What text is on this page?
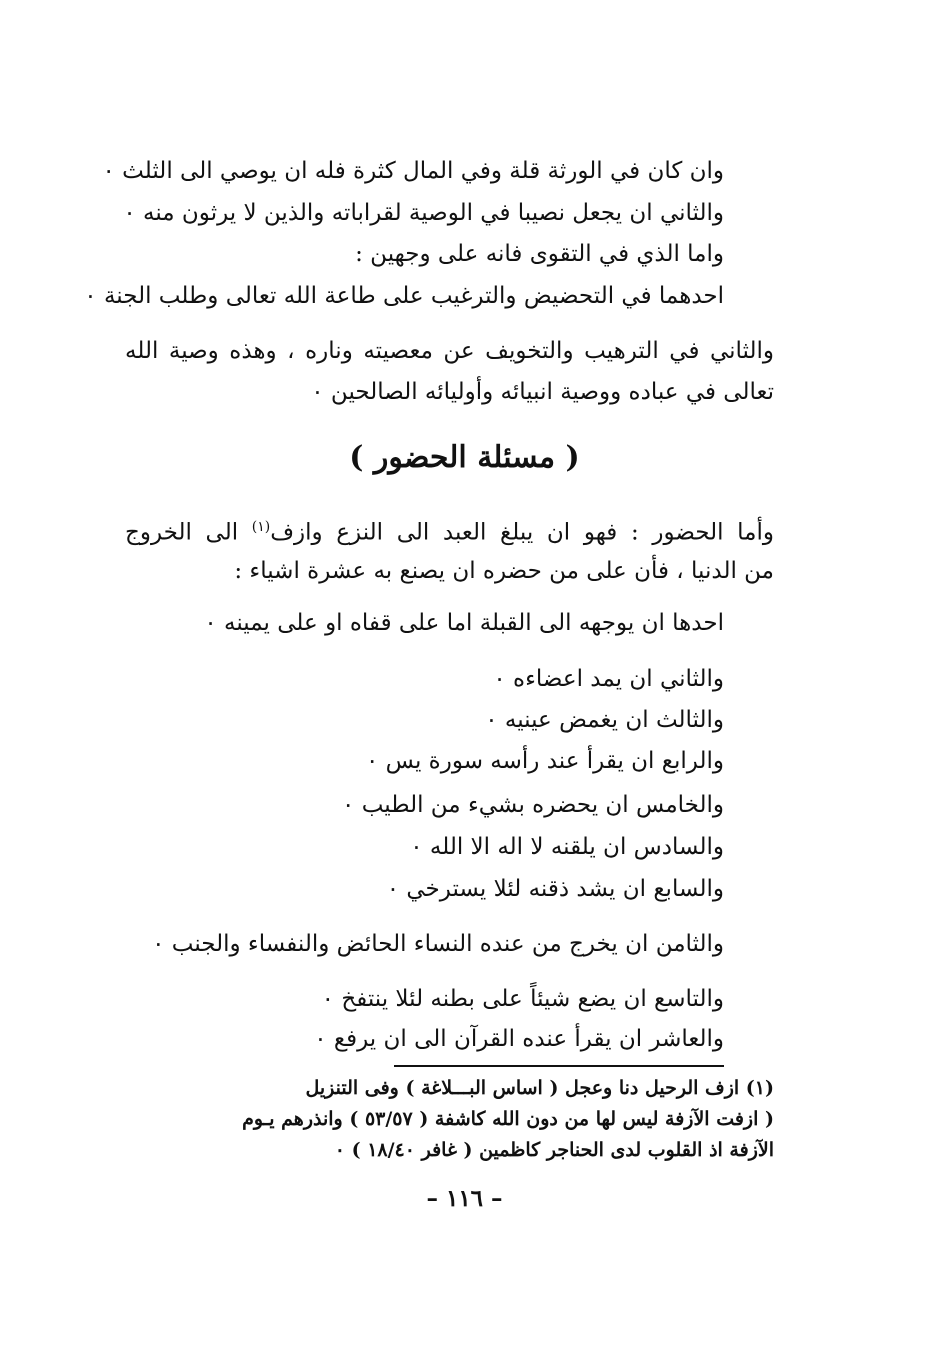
وان كان في الورثة قلة وفي المال كثرة فله ان يوصي الى الثلث ٠
والثاني ان يجعل نصيبا في الوصية لقراباته والذين لا يرثون منه ٠
واما الذي في التقوى فانه على وجهين :
احدهما في التحضيض والترغيب على طاعة الله تعالى وطلب الجنة ٠
والثاني في الترهيب والتخويف عن معصيته وناره ، وهذه وصية الله
تعالى في عباده ووصية انبيائه وأوليائه الصالحين ٠
( مسئلة الحضور )
وأما الحضور : فهو ان يبلغ العبد الى النزع وازف$^{(١)}$ الى الخروج
من الدنيا ، فأن على من حضره ان يصنع به عشرة اشياء :
احدها ان يوجهه الى القبلة اما على قفاه او على يمينه ٠
والثاني ان يمد اعضاءه ٠
والثالث ان يغمض عينيه ٠
والرابع ان يقرأ عند رأسه سورة يس ٠
والخامس ان يحضره بشيء من الطيب ٠
والسادس ان يلقنه لا اله الا الله ٠
والسابع ان يشد ذقنه لئلا يسترخي ٠
والثامن ان يخرج من عنده النساء الحائض والنفساء والجنب ٠
والتاسع ان يضع شيئاً على بطنه لئلا ينتفخ ٠
والعاشر ان يقرأ عنده القرآن الى ان يرفع ٠
(١) ازف الرحيل دنا وعجل ( اساس البـــلاغة ) وفى التنزيل
( ازفت الآزفة ليس لها من دون الله كاشفة ( ٥٣/٥٧ ) وانذرهم يـوم
الآزفة اذ القلوب لدى الحناجر كاظمين ( غافر ١٨/٤٠ ) ٠
– ١١٦ –
